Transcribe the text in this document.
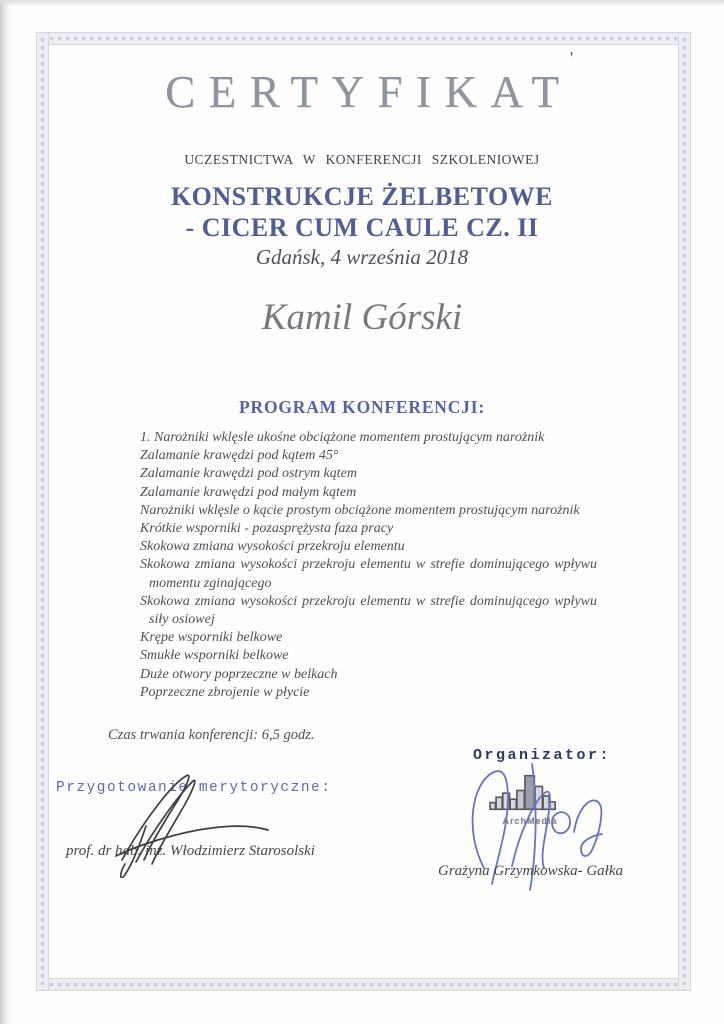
CERTYFIKAT
'
UCZESTNICTWA W KONFERENCJI SZKOLENIOWEJ
KONSTRUKCJE ŻELBETOWE
- CICER CUM CAULE CZ. II
Gdańsk, 4 września 2018
Kamil Górski
PROGRAM KONFERENCJI:
1. Narożniki wklęsle ukośne obciążone momentem prostującym narożnik
Zalamanie krawędzi pod kątem 45°
Zalamanie krawędzi pod ostrym kątem
Zalamanie krawędzi pod małym kątem
Narożniki wklęsle o kącie prostym obciążone momentem prostującym narożnik
Krótkie wsporniki - pozasprężysta faza pracy
Skokowa zmiana wysokości przekroju elementu
Skokowa zmiana wysokości przekroju elementu w strefie dominującego wpływu momentu zginającego
Skokowa zmiana wysokości przekroju elementu w strefie dominującego wpływu siły osiowej
Krępe wsporniki belkowe
Smukłe wsporniki belkowe
Duże otwory poprzeczne w belkach
Poprzeczne zbrojenie w płycie
Czas trwania konferencji: 6,5 godz.
Organizator:
ArchMedia
Przygotowanie merytoryczne:
prof. dr hab. inż. Włodzimierz Starosolski
Grażyna Grzymkowska- Gałka
